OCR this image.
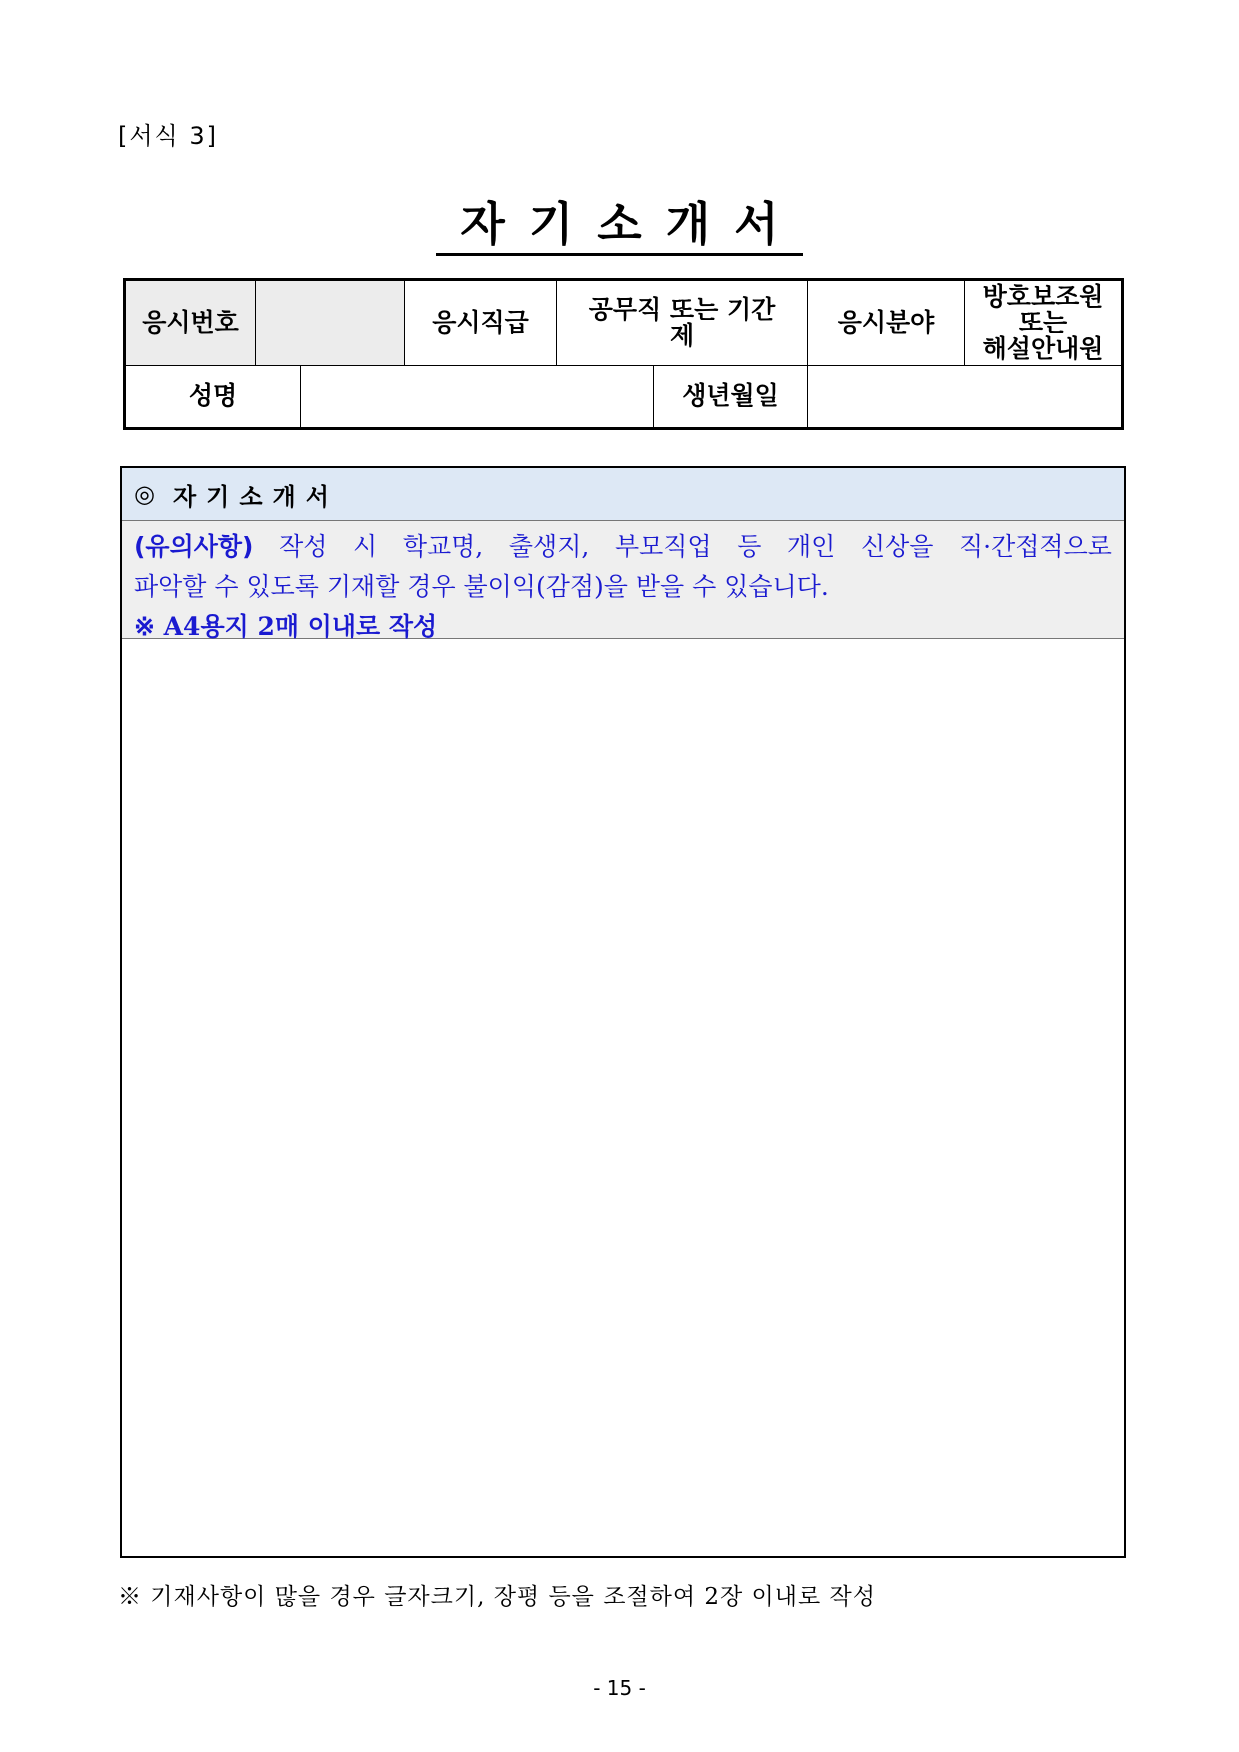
[서식 3]
자기소개서
응시번호			응시직급	공무직 또는 기간제		응시분야	방호보조원
또는
해설안내원

성명					생년월일		
◎ 자기소개서
(유의사항) 작성 시 학교명, 출생지, 부모직업 등 개인 신상을 직·간접적으로
파악할 수 있도록 기재할 경우 불이익(감점)을 받을 수 있습니다.
※ A4용지 2매 이내로 작성
※ 기재사항이 많을 경우 글자크기, 장평 등을 조절하여 2장 이내로 작성
- 15 -
